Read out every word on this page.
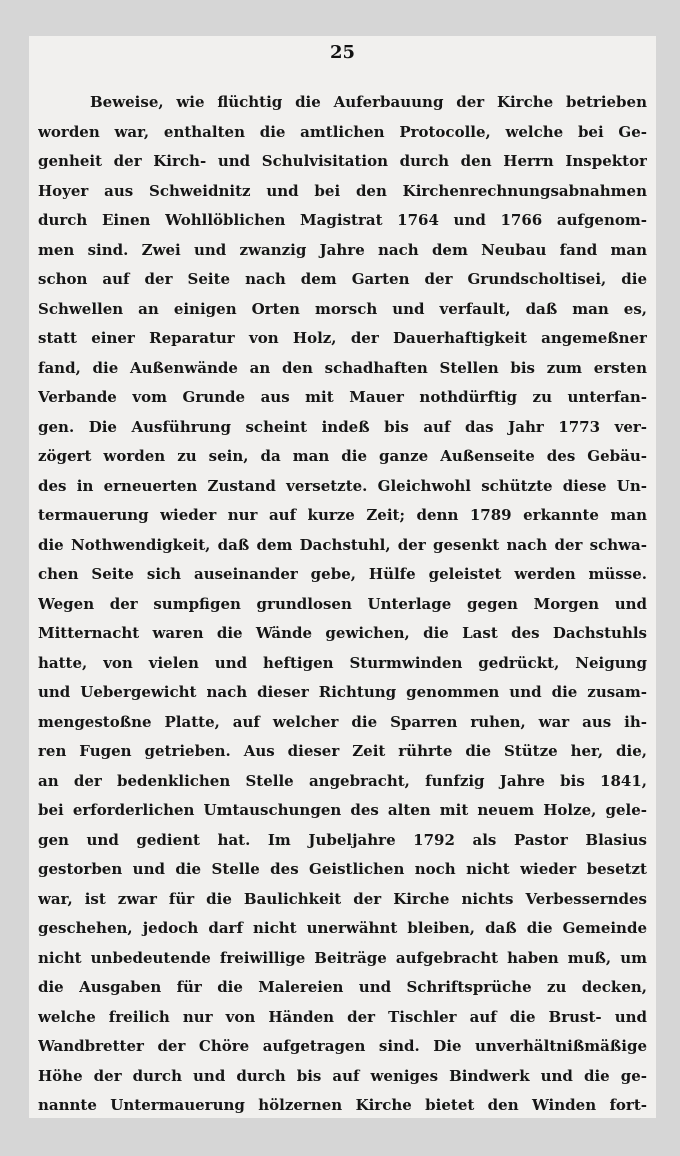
25
Beweise, wie flüchtig die Auferbauung der Kirche betrieben
worden war, enthalten die amtlichen Protocolle, welche bei Ge-
genheit der Kirch- und Schulvisitation durch den Herrn Inspektor
Hoyer aus Schweidnitz und bei den Kirchenrechnungsabnahmen
durch Einen Wohllöblichen Magistrat 1764 und 1766 aufgenom-
men sind. Zwei und zwanzig Jahre nach dem Neubau fand man
schon auf der Seite nach dem Garten der Grundscholtisei, die
Schwellen an einigen Orten morsch und verfault, daß man es,
statt einer Reparatur von Holz, der Dauerhaftigkeit angemeßner
fand, die Außenwände an den schadhaften Stellen bis zum ersten
Verbande vom Grunde aus mit Mauer nothdürftig zu unterfan-
gen. Die Ausführung scheint indeß bis auf das Jahr 1773 ver-
zögert worden zu sein, da man die ganze Außenseite des Gebäu-
des in erneuerten Zustand versetzte. Gleichwohl schützte diese Un-
termauerung wieder nur auf kurze Zeit; denn 1789 erkannte man
die Nothwendigkeit, daß dem Dachstuhl, der gesenkt nach der schwa-
chen Seite sich auseinander gebe, Hülfe geleistet werden müsse.
Wegen der sumpfigen grundlosen Unterlage gegen Morgen und
Mitternacht waren die Wände gewichen, die Last des Dachstuhls
hatte, von vielen und heftigen Sturmwinden gedrückt, Neigung
und Uebergewicht nach dieser Richtung genommen und die zusam-
mengestoßne Platte, auf welcher die Sparren ruhen, war aus ih-
ren Fugen getrieben. Aus dieser Zeit rührte die Stütze her, die,
an der bedenklichen Stelle angebracht, funfzig Jahre bis 1841,
bei erforderlichen Umtauschungen des alten mit neuem Holze, gele-
gen und gedient hat. Im Jubeljahre 1792 als Pastor Blasius
gestorben und die Stelle des Geistlichen noch nicht wieder besetzt
war, ist zwar für die Baulichkeit der Kirche nichts Verbesserndes
geschehen, jedoch darf nicht unerwähnt bleiben, daß die Gemeinde
nicht unbedeutende freiwillige Beiträge aufgebracht haben muß, um
die Ausgaben für die Malereien und Schriftsprüche zu decken,
welche freilich nur von Händen der Tischler auf die Brust- und
Wandbretter der Chöre aufgetragen sind. Die unverhältnißmäßige
Höhe der durch und durch bis auf weniges Bindwerk und die ge-
nannte Untermauerung hölzernen Kirche bietet den Winden fort-
